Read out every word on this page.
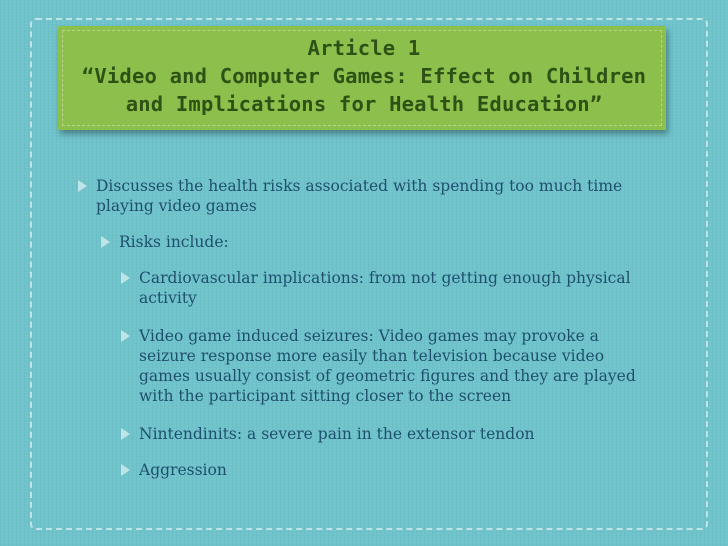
Article 1
“Video and Computer Games: Effect on Children
and Implications for Health Education”
Discusses the health risks associated with spending too much time
playing video games
Risks include:
Cardiovascular implications: from not getting enough physical
activity
Video game induced seizures: Video games may provoke a
seizure response more easily than television because video
games usually consist of geometric figures and they are played
with the participant sitting closer to the screen
Nintendinits: a severe pain in the extensor tendon
Aggression
